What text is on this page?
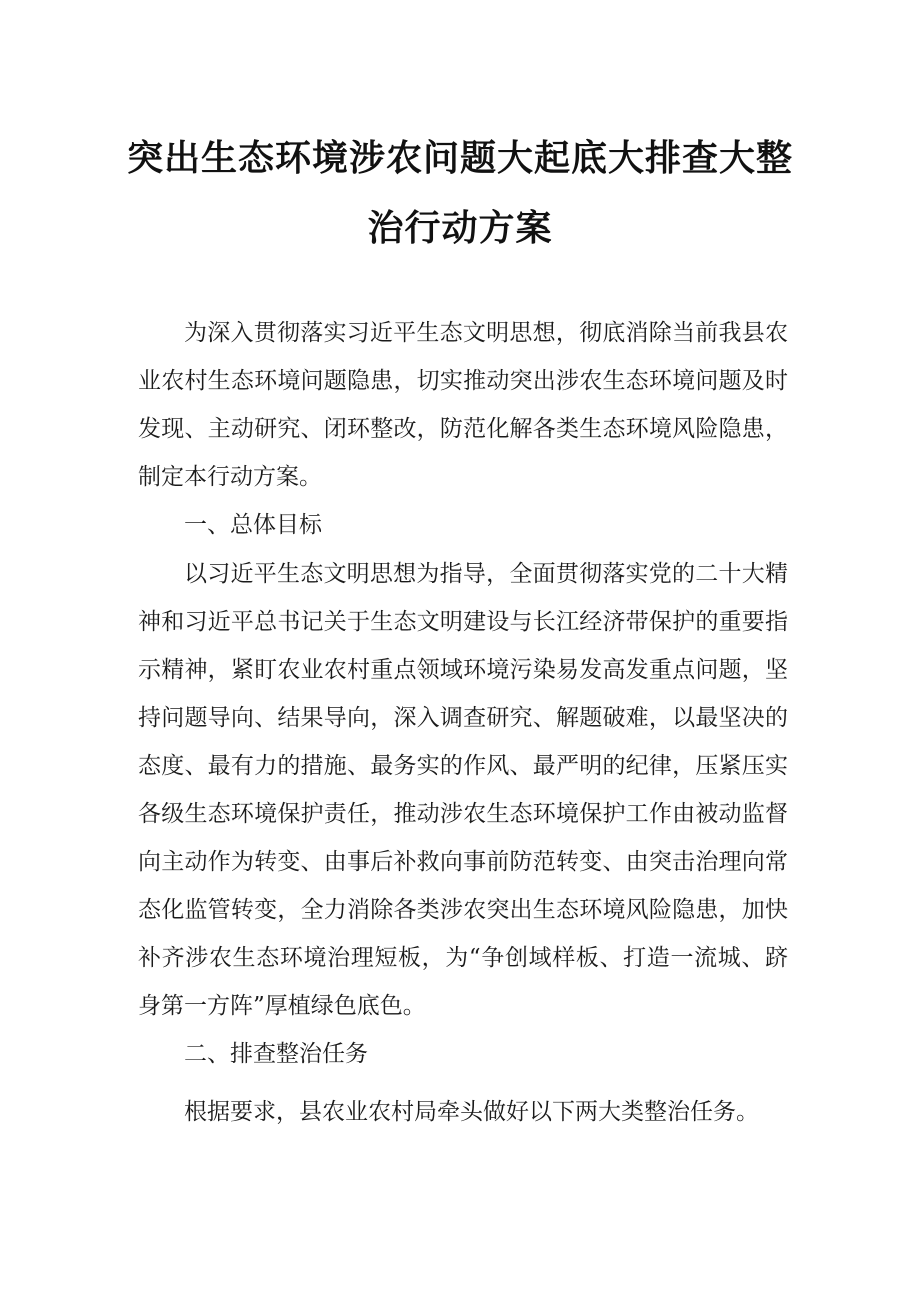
突出生态环境涉农问题大起底大排查大整
治行动方案
为深入贯彻落实习近平生态文明思想，彻底消除当前我县农
业农村生态环境问题隐患，切实推动突出涉农生态环境问题及时
发现、主动研究、闭环整改，防范化解各类生态环境风险隐患，
制定本行动方案。
一、总体目标
以习近平生态文明思想为指导，全面贯彻落实党的二十大精
神和习近平总书记关于生态文明建设与长江经济带保护的重要指
示精神，紧盯农业农村重点领域环境污染易发高发重点问题，坚
持问题导向、结果导向，深入调查研究、解题破难，以最坚决的
态度、最有力的措施、最务实的作风、最严明的纪律，压紧压实
各级生态环境保护责任，推动涉农生态环境保护工作由被动监督
向主动作为转变、由事后补救向事前防范转变、由突击治理向常
态化监管转变，全力消除各类涉农突出生态环境风险隐患，加快
补齐涉农生态环境治理短板，为“争创域样板、打造一流城、跻
身第一方阵”厚植绿色底色。
二、排查整治任务
根据要求，县农业农村局牵头做好以下两大类整治任务。
